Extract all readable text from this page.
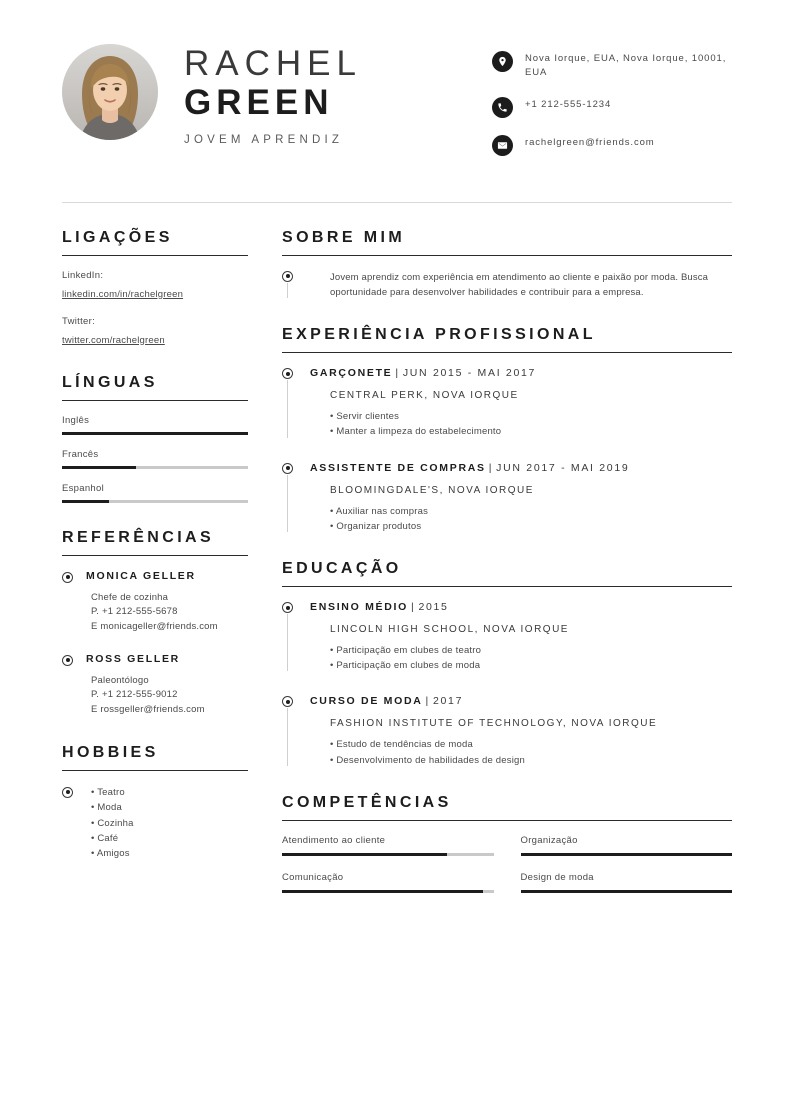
RACHEL
GREEN
JOVEM APRENDIZ
Nova Iorque, EUA, Nova Iorque, 10001, EUA
+1 212-555-1234
rachelgreen@friends.com
LIGAÇÕES
LinkedIn:
linkedin.com/in/rachelgreen
Twitter:
twitter.com/rachelgreen
LÍNGUAS
Inglês
Francês
Espanhol
REFERÊNCIAS
MONICA GELLER
Chefe de cozinha
P. +1 212-555-5678
E monicageller@friends.com
ROSS GELLER
Paleontólogo
P. +1 212-555-9012
E rossgeller@friends.com
HOBBIES
• Teatro
• Moda
• Cozinha
• Café
• Amigos
SOBRE MIM
Jovem aprendiz com experiência em atendimento ao cliente e paixão por moda. Busca oportunidade para desenvolver habilidades e contribuir para a empresa.
EXPERIÊNCIA PROFISSIONAL
GARÇONETE | JUN 2015 - MAI 2017
CENTRAL PERK, NOVA IORQUE
• Servir clientes
• Manter a limpeza do estabelecimento
ASSISTENTE DE COMPRAS | JUN 2017 - MAI 2019
BLOOMINGDALE'S, NOVA IORQUE
• Auxiliar nas compras
• Organizar produtos
EDUCAÇÃO
ENSINO MÉDIO | 2015
LINCOLN HIGH SCHOOL, NOVA IORQUE
• Participação em clubes de teatro
• Participação em clubes de moda
CURSO DE MODA | 2017
FASHION INSTITUTE OF TECHNOLOGY, NOVA IORQUE
• Estudo de tendências de moda
• Desenvolvimento de habilidades de design
COMPETÊNCIAS
Atendimento ao cliente	Organização
Comunicação	Design de moda
